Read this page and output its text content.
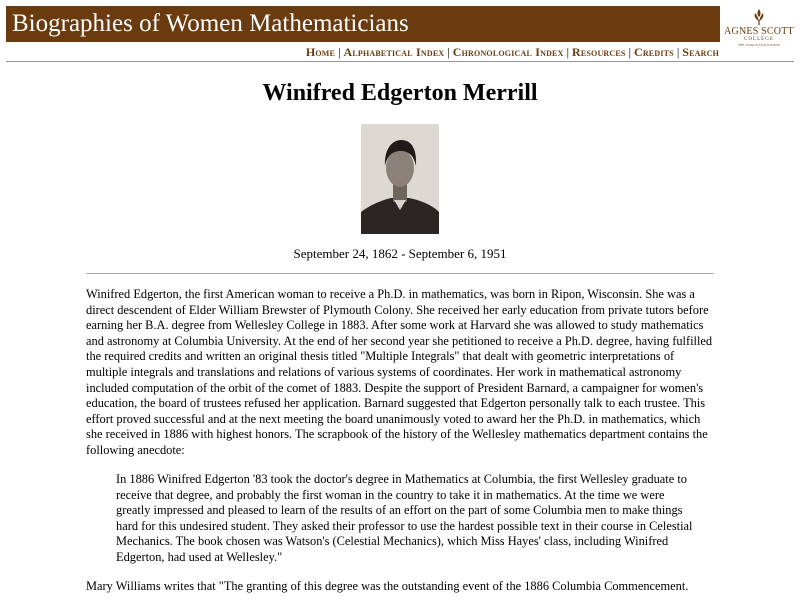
Biographies of Women Mathematicians	AGNES SCOTT
COLLEGE
THE WORLD FOR WOMEN
Home | Alphabetical Index | Chronological Index | Resources | Credits | Search
Winifred Edgerton Merrill
September 24, 1862 - September 6, 1951

Winifred Edgerton, the first American woman to receive a Ph.D. in mathematics, was born in Ripon, Wisconsin. She was a direct descendent of Elder William Brewster of Plymouth Colony. She received her early education from private tutors before earning her B.A. degree from Wellesley College in 1883. After some work at Harvard she was allowed to study mathematics and astronomy at Columbia University. At the end of her second year she petitioned to receive a Ph.D. degree, having fulfilled the required credits and written an original thesis titled "Multiple Integrals" that dealt with geometric interpretations of multiple integrals and translations and relations of various systems of coordinates. Her work in mathematical astronomy included computation of the orbit of the comet of 1883. Despite the support of President Barnard, a campaigner for women's education, the board of trustees refused her application. Barnard suggested that Edgerton personally talk to each trustee. This effort proved successful and at the next meeting the board unanimously voted to award her the Ph.D. in mathematics, which she received in 1886 with highest honors. The scrapbook of the history of the Wellesley mathematics department contains the following anecdote:

In 1886 Winifred Edgerton '83 took the doctor's degree in Mathematics at Columbia, the first Wellesley graduate to receive that degree, and probably the first woman in the country to take it in mathematics. At the time we were greatly impressed and pleased to learn of the results of an effort on the part of some Columbia men to make things hard for this undesired student. They asked their professor to use the hardest possible text in their course in Celestial Mechanics. The book chosen was Watson's (Celestial Mechanics), which Miss Hayes' class, including Winifred Edgerton, had used at Wellesley."

Mary Williams writes that "The granting of this degree was the outstanding event of the 1886 Columbia Commencement.
